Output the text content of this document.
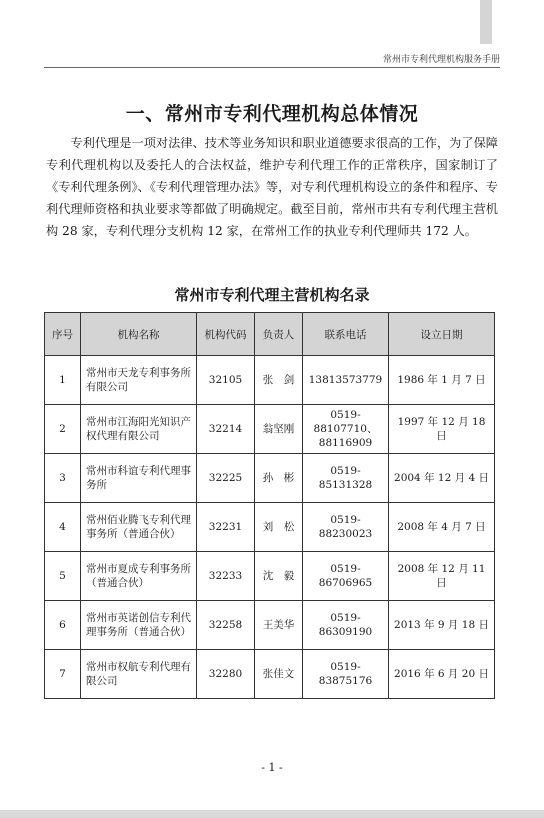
常州市专利代理机构服务手册
一、常州市专利代理机构总体情况

专利代理是一项对法律、技术等业务知识和职业道德要求很高的工作，为了保障专利代理机构以及委托人的合法权益，维护专利代理工作的正常秩序，国家制订了《专利代理条例》、《专利代理管理办法》等，对专利代理机构设立的条件和程序、专利代理师资格和执业要求等都做了明确规定。截至目前，常州市共有专利代理主营机构 28 家，专利代理分支机构 12 家，在常州工作的执业专利代理师共 172 人。

常州市专利代理主营机构名录
序号	机构名称	机构代码	负责人	联系电话	设立日期
1	常州市天龙专利事务所有限公司	32105	张　剑	13813573779	1986 年 1 月 7 日
2	常州市江海阳光知识产权代理有限公司	32214	翁坚刚	0519-88107710、88116909	1997 年 12 月 18 日
3	常州市科谊专利代理事务所	32225	孙　彬	0519-85131328	2004 年 12 月 4 日
4	常州佰业腾飞专利代理事务所（普通合伙）	32231	刘　松	0519-88230023	2008 年 4 月 7 日
5	常州市夏成专利事务所（普通合伙）	32233	沈　毅	0519-86706965	2008 年 12 月 11 日
6	常州市英诺创信专利代理事务所（普通合伙）	32258	王美华	0519-86309190	2013 年 9 月 18 日
7	常州市权航专利代理有限公司	32280	张佳文	0519-83875176	2016 年 6 月 20 日
- 1 -
